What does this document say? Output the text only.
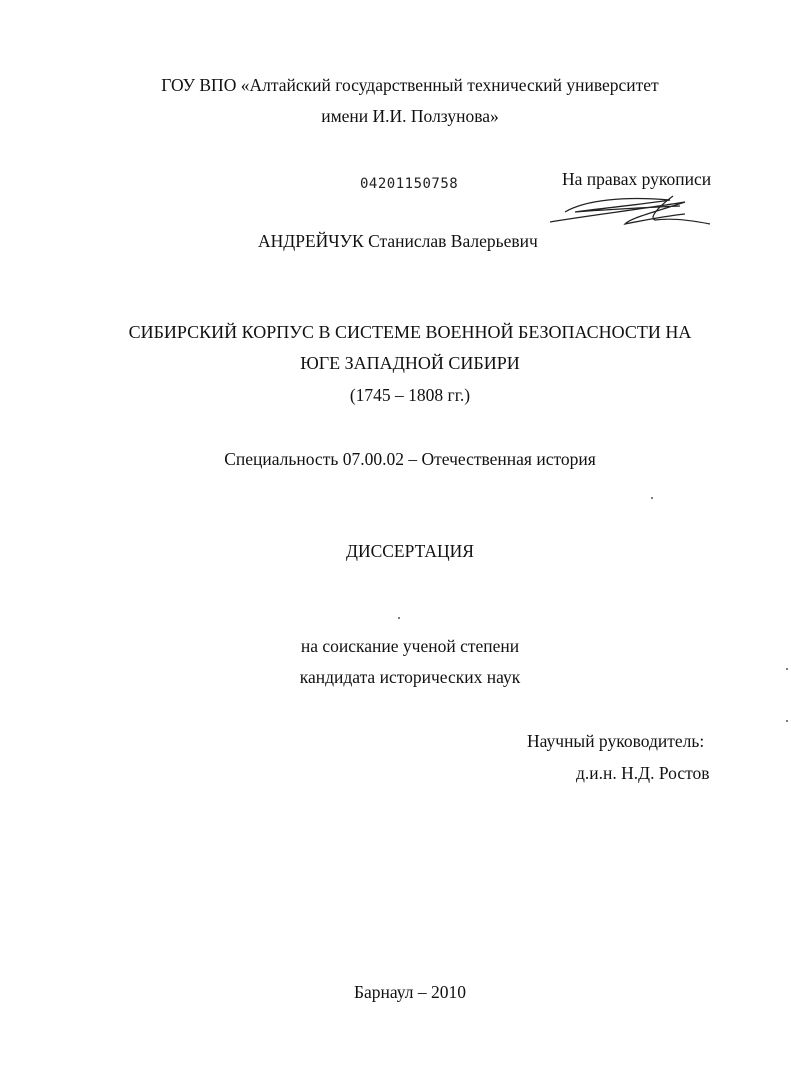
ГОУ ВПО «Алтайский государственный технический университет
имени И.И. Ползунова»
04201150758	На правах рукописи
АНДРЕЙЧУК Станислав Валерьевич
СИБИРСКИЙ КОРПУС В СИСТЕМЕ ВОЕННОЙ БЕЗОПАСНОСТИ НА
ЮГЕ ЗАПАДНОЙ СИБИРИ
(1745 – 1808 гг.)
Специальность 07.00.02 – Отечественная история
ДИССЕРТАЦИЯ
на соискание ученой степени
кандидата исторических наук
Научный руководитель:
д.и.н. Н.Д. Ростов
Барнаул – 2010
